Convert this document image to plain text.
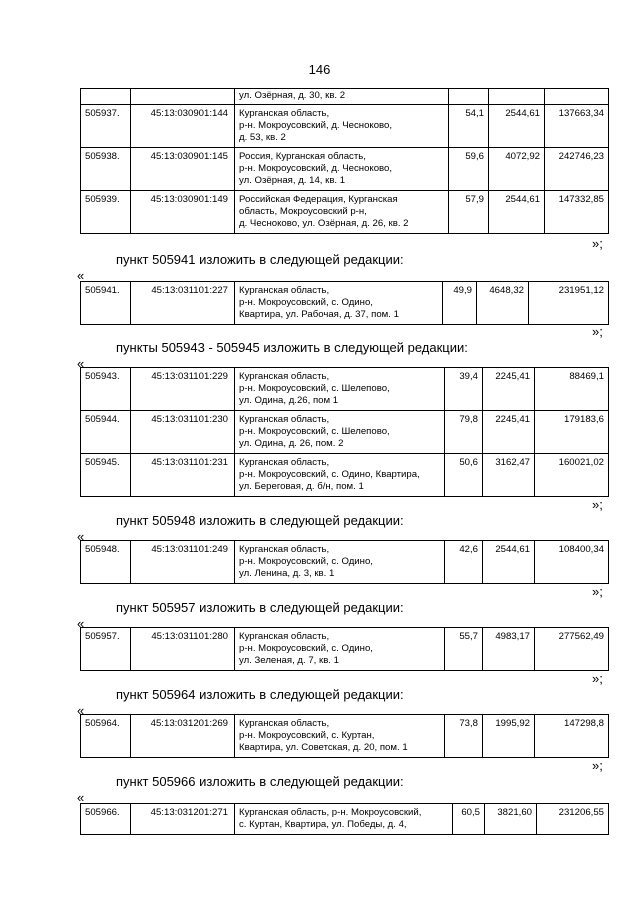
146
		ул. Озёрная, д. 30, кв. 2			
505937.	45:13:030901:144	Курганская область,
р-н. Мокроусовский, д. Чесноково,
д. 53, кв. 2	54,1	2544,61	137663,34
505938.	45:13:030901:145	Россия, Курганская область,
р-н. Мокроусовский, д. Чесноково,
ул. Озёрная, д. 14, кв. 1	59,6	4072,92	242746,23
505939.	45:13:030901:149	Российская Федерация, Курганская
область, Мокроусовский р-н,
д. Чесноково, ул. Озёрная, д. 26, кв. 2	57,9	2544,61	147332,85
»;
пункт 505941 изложить в следующей редакции:
«
505941.	45:13:031101:227	Курганская область,
р-н. Мокроусовский, с. Одино,
Квартира, ул. Рабочая, д. 37, пом. 1	49,9	4648,32	231951,12
»;
пункты 505943 - 505945 изложить в следующей редакции:
«
505943.	45:13:031101:229	Курганская область,
р-н. Мокроусовский, с. Шелепово,
ул. Одина, д.26, пом 1	39,4	2245,41	88469,1
505944.	45:13:031101:230	Курганская область,
р-н. Мокроусовский, с. Шелепово,
ул. Одина, д. 26, пом. 2	79,8	2245,41	179183,6
505945.	45:13:031101:231	Курганская область,
р-н. Мокроусовский, с. Одино, Квартира,
ул. Береговая, д. б/н, пом. 1	50,6	3162,47	160021,02
»;
пункт 505948 изложить в следующей редакции:
«
505948.	45:13:031101:249	Курганская область,
р-н. Мокроусовский, с. Одино,
ул. Ленина, д. 3, кв. 1	42,6	2544,61	108400,34
»;
пункт 505957 изложить в следующей редакции:
«
505957.	45:13:031101:280	Курганская область,
р-н. Мокроусовский, с. Одино,
ул. Зеленая, д. 7, кв. 1	55,7	4983,17	277562,49
»;
пункт 505964 изложить в следующей редакции:
«
505964.	45:13:031201:269	Курганская область,
р-н. Мокроусовский, с. Куртан,
Квартира, ул. Советская, д. 20, пом. 1	73,8	1995,92	147298,8
»;
пункт 505966 изложить в следующей редакции:
«
505966.	45:13:031201:271	Курганская область, р-н. Мокроусовский,
с. Куртан, Квартира, ул. Победы, д. 4,	60,5	3821,60	231206,55
